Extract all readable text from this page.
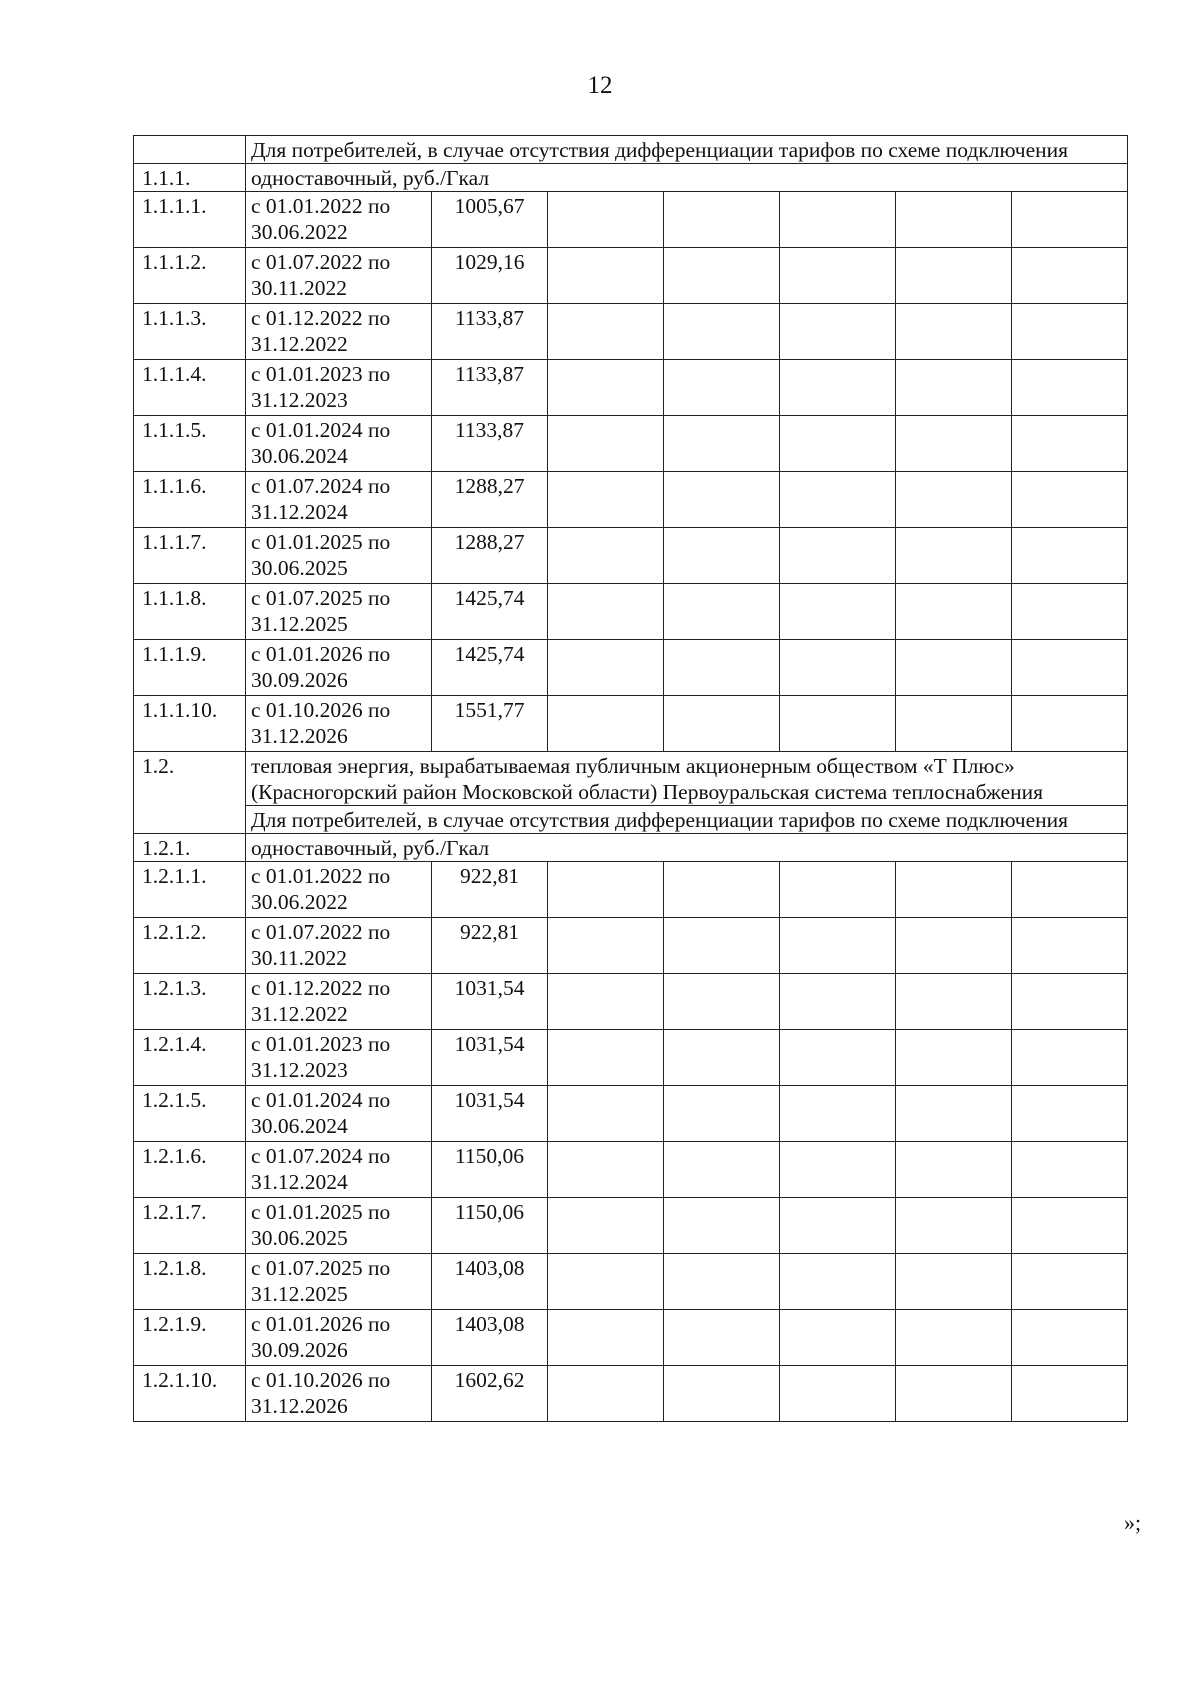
12
	Для потребителей, в случае отсутствия дифференциации тарифов по схеме подключения						
1.1.1.	одноставочный, руб./Гкал						
1.1.1.1.	с 01.01.2022 по 30.06.2022	1005,67					
1.1.1.2.	с 01.07.2022 по 30.11.2022	1029,16					
1.1.1.3.	с 01.12.2022 по 31.12.2022	1133,87					
1.1.1.4.	с 01.01.2023 по 31.12.2023	1133,87					
1.1.1.5.	с 01.01.2024 по 30.06.2024	1133,87					
1.1.1.6.	с 01.07.2024 по 31.12.2024	1288,27					
1.1.1.7.	с 01.01.2025 по 30.06.2025	1288,27					
1.1.1.8.	с 01.07.2025 по 31.12.2025	1425,74					
1.1.1.9.	с 01.01.2026 по 30.09.2026	1425,74					
1.1.1.10.	с 01.10.2026 по 31.12.2026	1551,77					
1.2.	тепловая энергия, вырабатываемая публичным акционерным обществом «Т Плюс» (Красногорский район Московской области) Первоуральская система теплоснабжения						
	Для потребителей, в случае отсутствия дифференциации тарифов по схеме подключения						
1.2.1.	одноставочный, руб./Гкал						
1.2.1.1.	с 01.01.2022 по 30.06.2022	922,81					
1.2.1.2.	с 01.07.2022 по 30.11.2022	922,81					
1.2.1.3.	с 01.12.2022 по 31.12.2022	1031,54					
1.2.1.4.	с 01.01.2023 по 31.12.2023	1031,54					
1.2.1.5.	с 01.01.2024 по 30.06.2024	1031,54					
1.2.1.6.	с 01.07.2024 по 31.12.2024	1150,06					
1.2.1.7.	с 01.01.2025 по 30.06.2025	1150,06					
1.2.1.8.	с 01.07.2025 по 31.12.2025	1403,08					
1.2.1.9.	с 01.01.2026 по 30.09.2026	1403,08					
1.2.1.10.	с 01.10.2026 по 31.12.2026	1602,62					
»;
